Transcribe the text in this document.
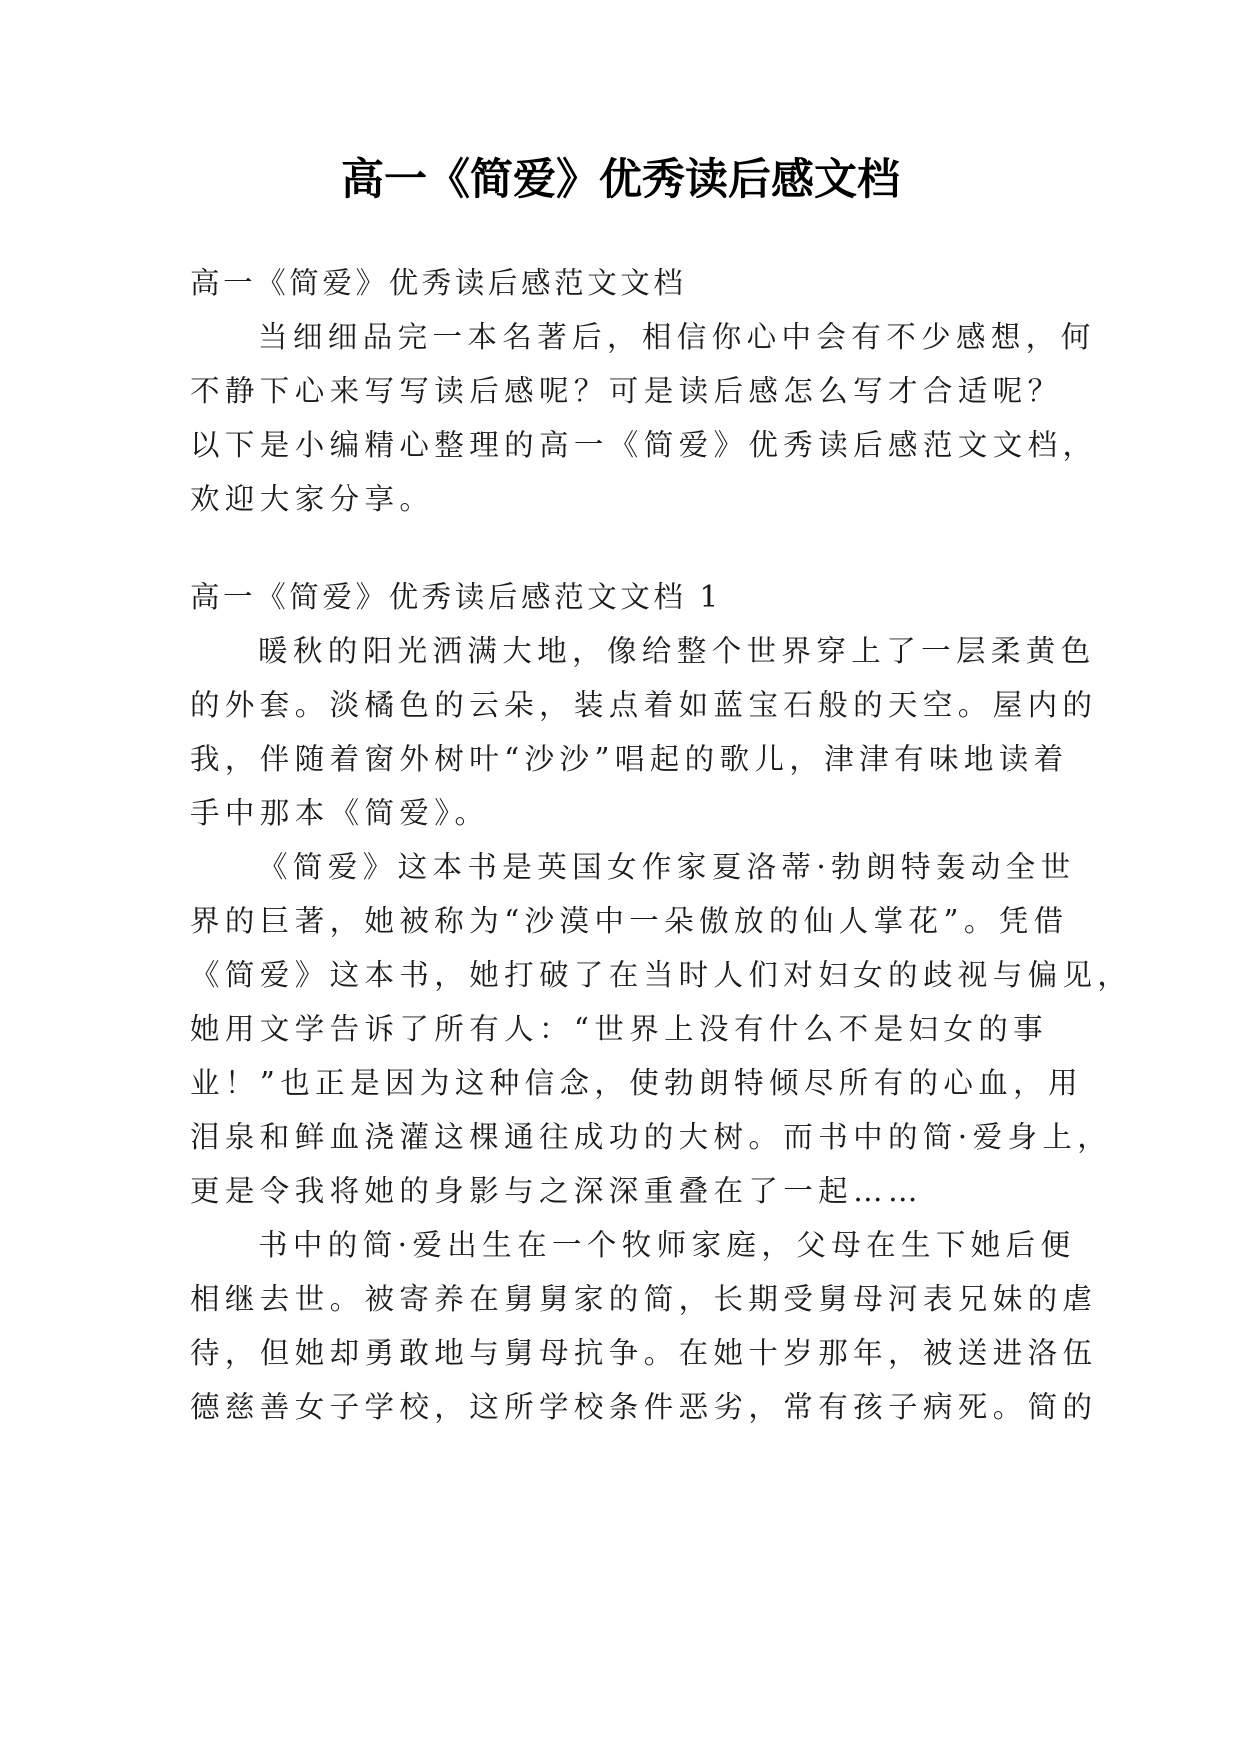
高一《简爱》优秀读后感文档

高一《简爱》优秀读后感范文文档

当细细品完一本名著后，相信你心中会有不少感想，何

不静下心来写写读后感呢？可是读后感怎么写才合适呢？

以下是小编精心整理的高一《简爱》优秀读后感范文文档，

欢迎大家分享。

高一《简爱》优秀读后感范文文档 1

暖秋的阳光洒满大地，像给整个世界穿上了一层柔黄色

的外套。淡橘色的云朵，装点着如蓝宝石般的天空。屋内的

我，伴随着窗外树叶“沙沙”唱起的歌儿，津津有味地读着

手中那本《简爱》。

《简爱》这本书是英国女作家夏洛蒂·勃朗特轰动全世

界的巨著，她被称为“沙漠中一朵傲放的仙人掌花”。凭借

《简爱》这本书，她打破了在当时人们对妇女的歧视与偏见，

她用文学告诉了所有人：“世界上没有什么不是妇女的事

业！”也正是因为这种信念，使勃朗特倾尽所有的心血，用

泪泉和鲜血浇灌这棵通往成功的大树。而书中的简·爱身上，

更是令我将她的身影与之深深重叠在了一起……

书中的简·爱出生在一个牧师家庭，父母在生下她后便

相继去世。被寄养在舅舅家的简，长期受舅母河表兄妹的虐

待，但她却勇敢地与舅母抗争。在她十岁那年，被送进洛伍

德慈善女子学校，这所学校条件恶劣，常有孩子病死。简的
